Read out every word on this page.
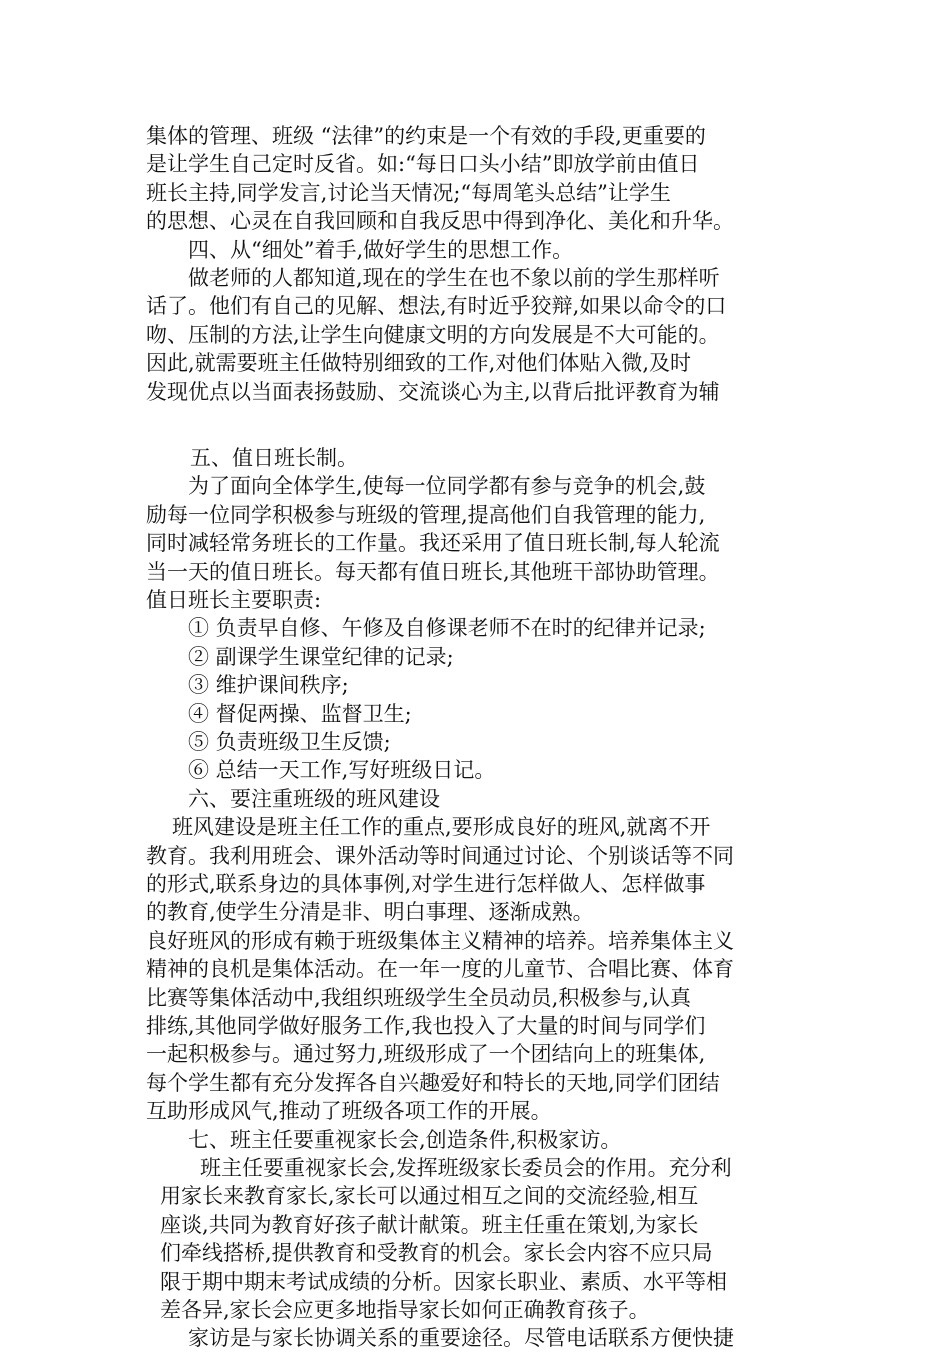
集体的管理、班级 “法律”的约束是一个有效的手段,更重要的
是让学生自己定时反省。如:“每日口头小结”即放学前由值日
班长主持,同学发言,讨论当天情况;“每周笔头总结”让学生
的思想、心灵在自我回顾和自我反思中得到净化、美化和升华。
四、从“细处”着手,做好学生的思想工作。
做老师的人都知道,现在的学生在也不象以前的学生那样听
话了。他们有自己的见解、想法,有时近乎狡辩,如果以命令的口
吻、压制的方法,让学生向健康文明的方向发展是不大可能的。
因此,就需要班主任做特别细致的工作,对他们体贴入微,及时
发现优点以当面表扬鼓励、交流谈心为主,以背后批评教育为辅
五、值日班长制。
为了面向全体学生,使每一位同学都有参与竞争的机会,鼓
励每一位同学积极参与班级的管理,提高他们自我管理的能力,
同时减轻常务班长的工作量。我还采用了值日班长制,每人轮流
当一天的值日班长。每天都有值日班长,其他班干部协助管理。
值日班长主要职责:
① 负责早自修、午修及自修课老师不在时的纪律并记录;
② 副课学生课堂纪律的记录;
③ 维护课间秩序;
④ 督促两操、监督卫生;
⑤ 负责班级卫生反馈;
⑥ 总结一天工作,写好班级日记。
六、要注重班级的班风建设
班风建设是班主任工作的重点,要形成良好的班风,就离不开
教育。我利用班会、课外活动等时间通过讨论、个别谈话等不同
的形式,联系身边的具体事例,对学生进行怎样做人、怎样做事
的教育,使学生分清是非、明白事理、逐渐成熟。
良好班风的形成有赖于班级集体主义精神的培养。培养集体主义
精神的良机是集体活动。在一年一度的儿童节、合唱比赛、体育
比赛等集体活动中,我组织班级学生全员动员,积极参与,认真
排练,其他同学做好服务工作,我也投入了大量的时间与同学们
一起积极参与。通过努力,班级形成了一个团结向上的班集体,
每个学生都有充分发挥各自兴趣爱好和特长的天地,同学们团结
互助形成风气,推动了班级各项工作的开展。
七、班主任要重视家长会,创造条件,积极家访。
班主任要重视家长会,发挥班级家长委员会的作用。充分利
用家长来教育家长,家长可以通过相互之间的交流经验,相互
座谈,共同为教育好孩子献计献策。班主任重在策划,为家长
们牵线搭桥,提供教育和受教育的机会。家长会内容不应只局
限于期中期末考试成绩的分析。因家长职业、素质、水平等相
差各异,家长会应更多地指导家长如何正确教育孩子。
家访是与家长协调关系的重要途径。尽管电话联系方便快捷
